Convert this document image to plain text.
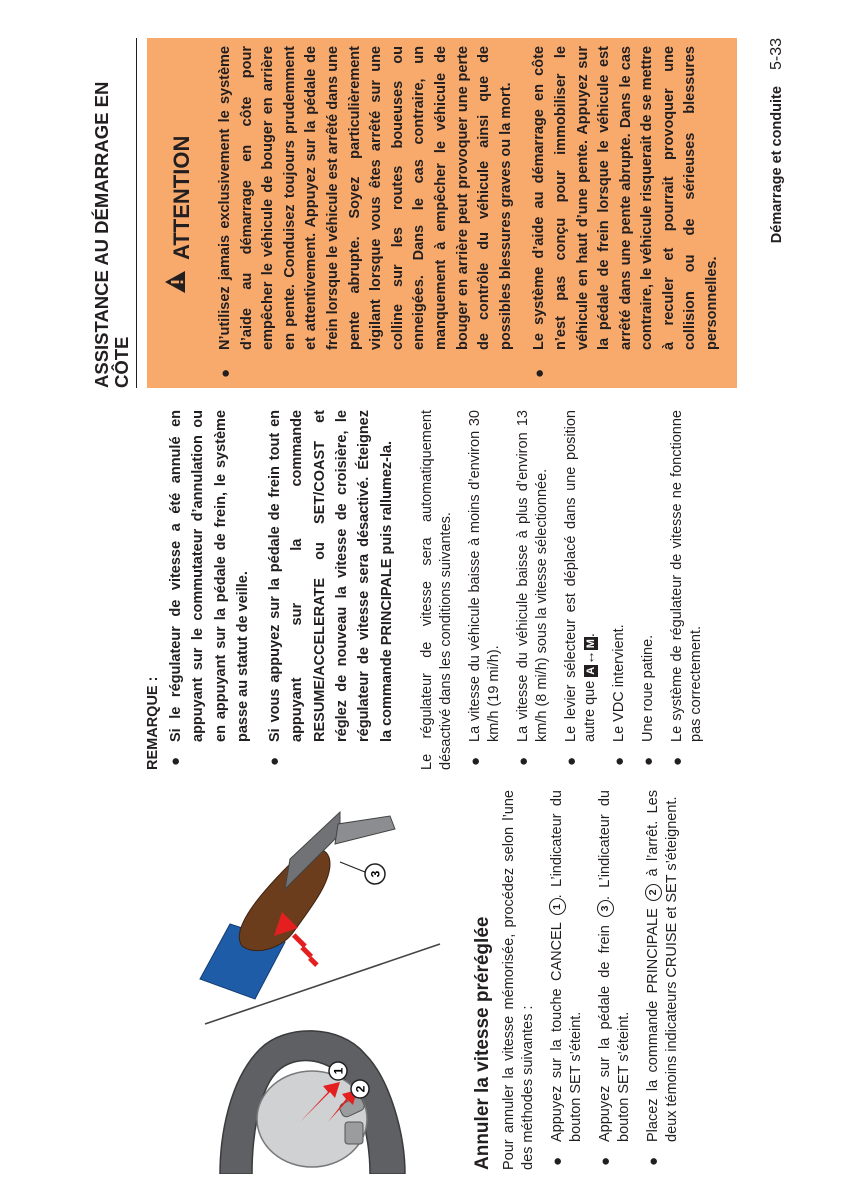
1
2
3
Annuler la vitesse préréglée Pour annuler la vitesse mémorisée, procédez selon l’une des méthodes suivantes : ●
Appuyez sur la touche CANCEL 1. L’indicateur du bouton SET s’éteint.
●
Appuyez sur la pédale de frein 3. L’indicateur du bouton SET s’éteint.
●
Placez la commande PRINCIPALE 2 à l’arrêt. Les deux témoins indicateurs CRUISE et SET s’éteignent.

REMARQUE : ●
Si le régulateur de vitesse a été annulé en appuyant sur le commutateur d’annulation ou en appuyant sur la pédale de frein, le système passe au statut de veille.
●
Si vous appuyez sur la pédale de frein tout en appuyant sur la commande RESUME/ACCELERATE ou SET/COAST et réglez de nouveau la vitesse de croisière, le régulateur de vitesse sera désactivé. Éteignez la commande PRINCIPALE puis rallumez-la. Le régulateur de vitesse sera automatiquement désactivé dans les conditions suivantes. ●
La vitesse du véhicule baisse à moins d’environ 30 km/h (19 mi/h).
●
La vitesse du véhicule baisse à plus d’environ 13 km/h (8 mi/h) sous la vitesse sélectionnée.
●
Le levier sélecteur est déplacé dans une position autre que A↔M.
●
Le VDC intervient.
●
Une roue patine.
●
Le système de régulateur de vitesse ne fonctionne pas correctement.
ASSISTANCE AU DÉMARRAGE EN CÔTE
ATTENTION
●
N’utilisez jamais exclusivement le système d’aide au démarrage en côte pour empêcher le véhicule de bouger en arrière en pente. Conduisez toujours prudemment et attentivement. Appuyez sur la pédale de frein lorsque le véhicule est arrêté dans une pente abrupte. Soyez particulièrement vigilant lorsque vous êtes arrêté sur une colline sur les routes boueuses ou enneigées. Dans le cas contraire, un manquement à empêcher le véhicule de bouger en arrière peut provoquer une perte de contrôle du véhicule ainsi que de possibles blessures graves ou la mort.
●
Le système d’aide au démarrage en côte n’est pas conçu pour immobiliser le véhicule en haut d’une pente. Appuyez sur la pédale de frein lorsque le véhicule est arrêté dans une pente abrupte. Dans le cas contraire, le véhicule risquerait de se mettre à reculer et pourrait provoquer une collision ou de sérieuses blessures personnelles.
Démarrage et conduite 5-33
